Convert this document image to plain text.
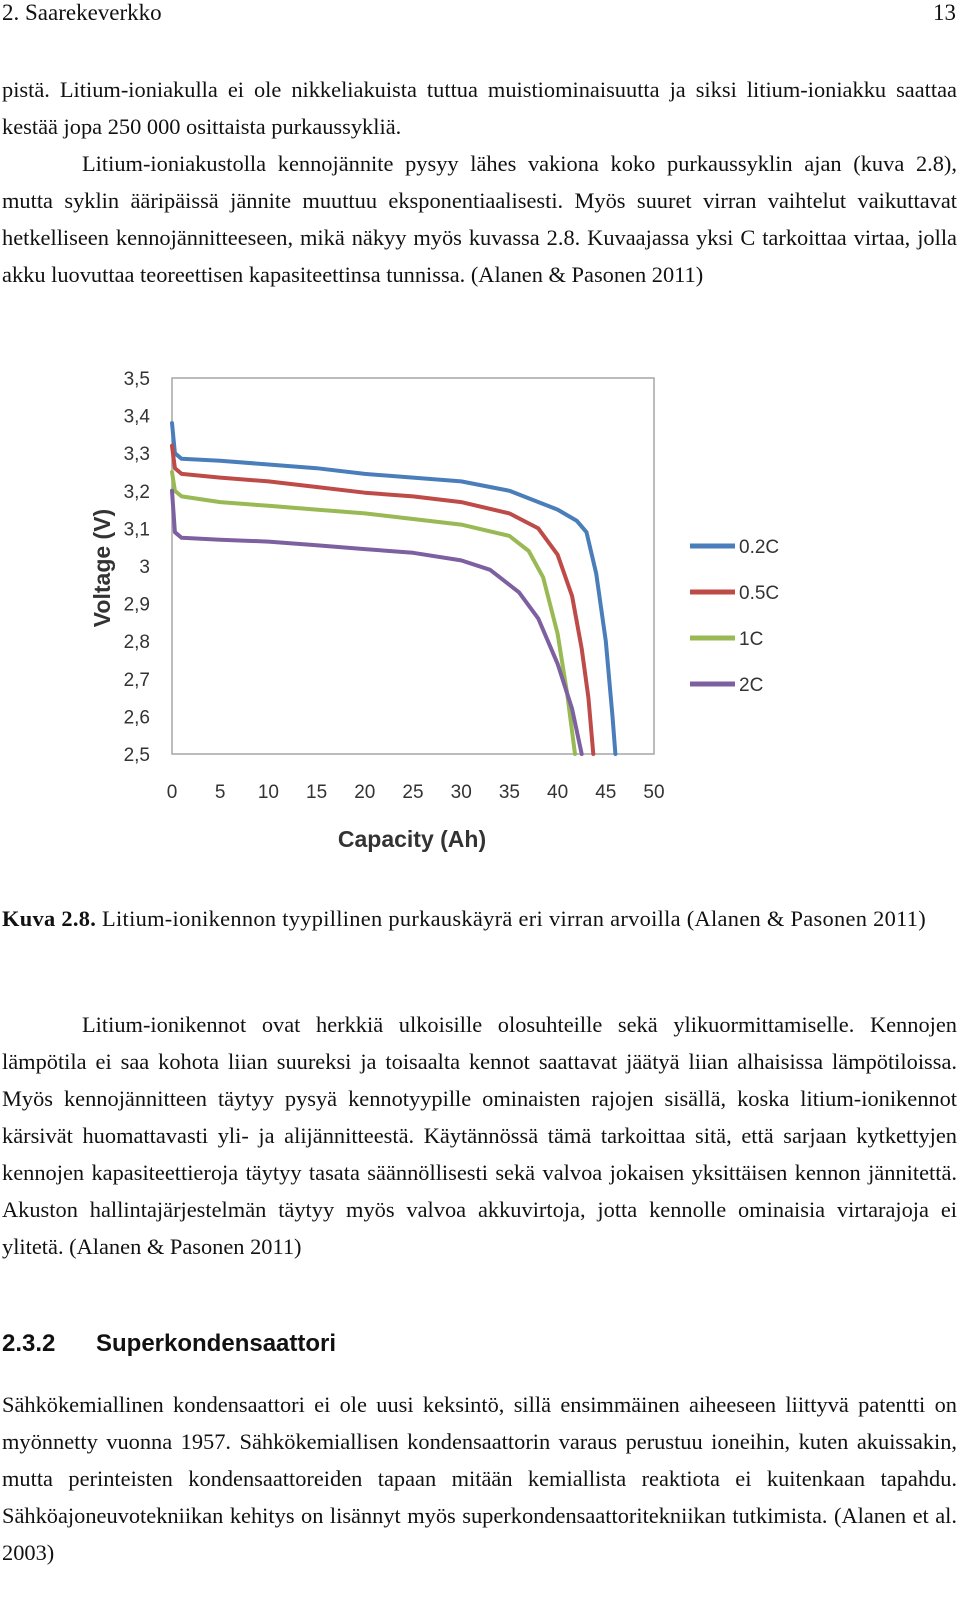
2. Saarekeverkko	13

pistä. Litium-ioniakulla ei ole nikkeliakuista tuttua muistiominaisuutta ja siksi litium-ioniakku saattaa kestää jopa 250 000 osittaista purkaussykliä.

Litium-ioniakustolla kennojännite pysyy lähes vakiona koko purkaussyklin ajan (kuva 2.8), mutta syklin ääripäissä jännite muuttuu eksponentiaalisesti. Myös suuret virran vaihtelut vaikuttavat hetkelliseen kennojännitteeseen, mikä näkyy myös kuvassa 2.8. Kuvaajassa yksi C tarkoittaa virtaa, jolla akku luovuttaa teoreettisen kapasiteettinsa tunnissa. (Alanen & Pasonen 2011)

2,5
2,6
2,7
2,8
2,9
3
3,1
3,2
3,3
3,4
3,5
0 5 10 15 20 25 30 35 40 45 50
0.2C
0.5C
1C
2C
Voltage (V)
Capacity (Ah)

Kuva 2.8. Litium-ionikennon tyypillinen purkauskäyrä eri virran arvoilla (Alanen & Pasonen 2011)

Litium-ionikennot ovat herkkiä ulkoisille olosuhteille sekä ylikuormittamiselle. Kennojen lämpötila ei saa kohota liian suureksi ja toisaalta kennot saattavat jäätyä liian alhaisissa lämpötiloissa. Myös kennojännitteen täytyy pysyä kennotyypille ominaisten rajojen sisällä, koska litium-ionikennot kärsivät huomattavasti yli- ja alijännitteestä. Käytännössä tämä tarkoittaa sitä, että sarjaan kytkettyjen kennojen kapasiteettieroja täytyy tasata säännöllisesti sekä valvoa jokaisen yksittäisen kennon jännitettä. Akuston hallintajärjestelmän täytyy myös valvoa akkuvirtoja, jotta kennolle ominaisia virtarajoja ei ylitetä. (Alanen & Pasonen 2011)

2.3.2 Superkondensaattori

Sähkökemiallinen kondensaattori ei ole uusi keksintö, sillä ensimmäinen aiheeseen liittyvä patentti on myönnetty vuonna 1957. Sähkökemiallisen kondensaattorin varaus perustuu ioneihin, kuten akuissakin, mutta perinteisten kondensaattoreiden tapaan mitään kemiallista reaktiota ei kuitenkaan tapahdu. Sähköajoneuvotekniikan kehitys on lisännyt myös superkondensaattoritekniikan tutkimista. (Alanen et al. 2003)
